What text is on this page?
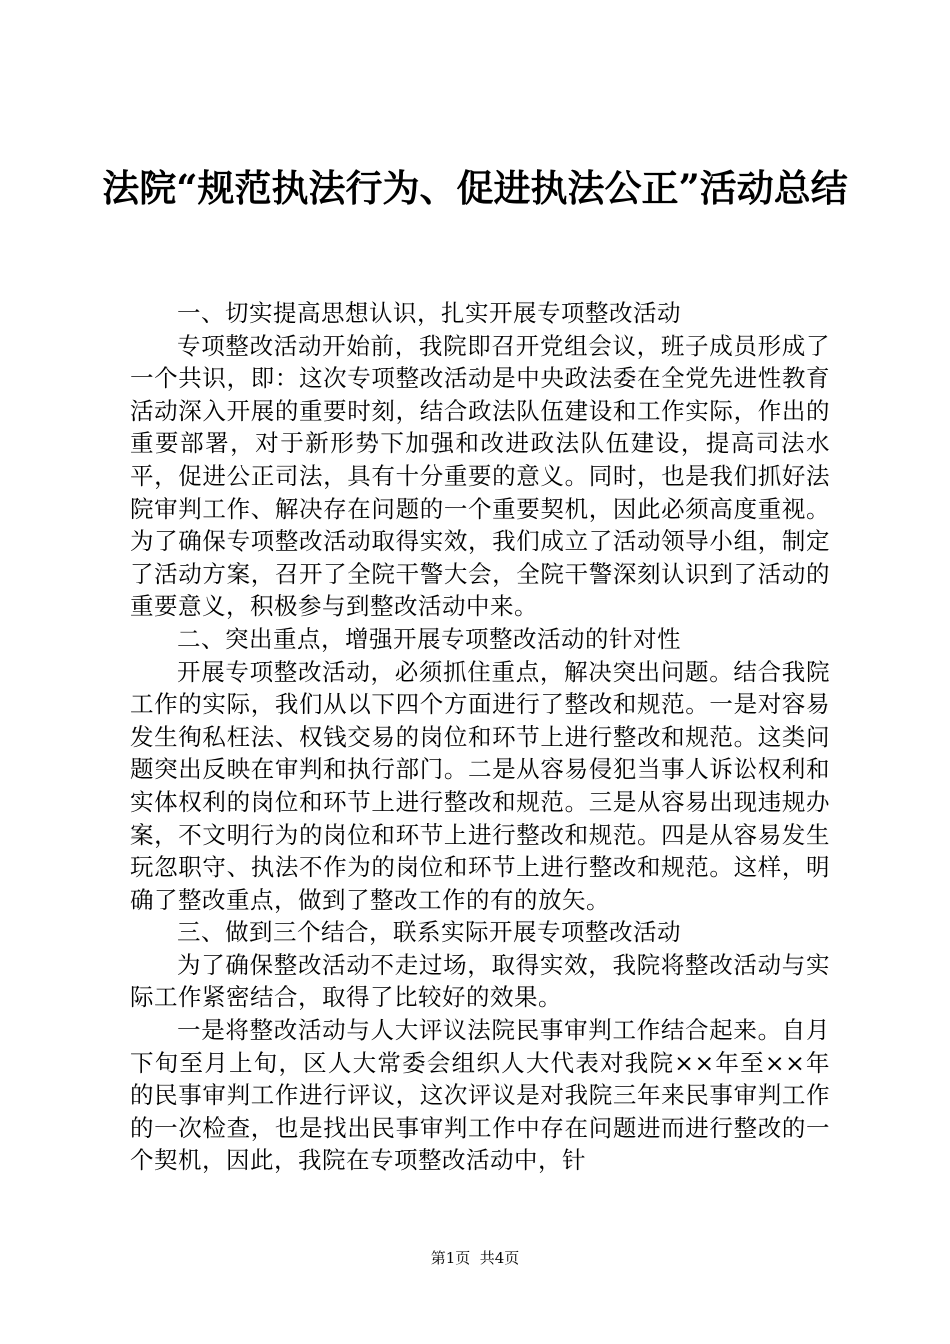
法院“规范执法行为、促进执法公正”活动总结

一、切实提高思想认识，扎实开展专项整改活动

专项整改活动开始前，我院即召开党组会议，班子成员形成了一个共识，即：这次专项整改活动是中央政法委在全党先进性教育活动深入开展的重要时刻，结合政法队伍建设和工作实际，作出的重要部署，对于新形势下加强和改进政法队伍建设，提高司法水平，促进公正司法，具有十分重要的意义。同时，也是我们抓好法院审判工作、解决存在问题的一个重要契机，因此必须高度重视。为了确保专项整改活动取得实效，我们成立了活动领导小组，制定了活动方案，召开了全院干警大会，全院干警深刻认识到了活动的重要意义，积极参与到整改活动中来。

二、突出重点，增强开展专项整改活动的针对性

开展专项整改活动，必须抓住重点，解决突出问题。结合我院工作的实际，我们从以下四个方面进行了整改和规范。一是对容易发生徇私枉法、权钱交易的岗位和环节上进行整改和规范。这类问题突出反映在审判和执行部门。二是从容易侵犯当事人诉讼权利和实体权利的岗位和环节上进行整改和规范。三是从容易出现违规办案，不文明行为的岗位和环节上进行整改和规范。四是从容易发生玩忽职守、执法不作为的岗位和环节上进行整改和规范。这样，明确了整改重点，做到了整改工作的有的放矢。

三、做到三个结合，联系实际开展专项整改活动

为了确保整改活动不走过场，取得实效，我院将整改活动与实际工作紧密结合，取得了比较好的效果。

一是将整改活动与人大评议法院民事审判工作结合起来。自月下旬至月上旬，区人大常委会组织人大代表对我院××年至××年的民事审判工作进行评议，这次评议是对我院三年来民事审判工作的一次检查，也是找出民事审判工作中存在问题进而进行整改的一个契机，因此，我院在专项整改活动中，针

第1页  共4页
